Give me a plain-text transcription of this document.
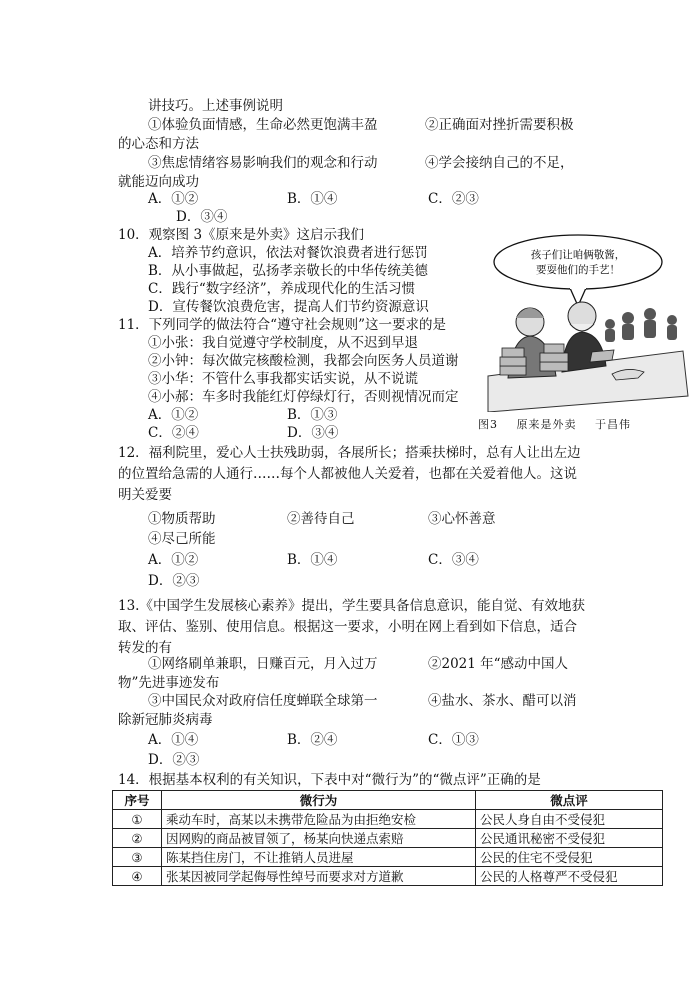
讲技巧。上述事例说明
①体验负面情感，生命必然更饱满丰盈	②正确面对挫折需要积极
的心态和方法
③焦虑情绪容易影响我们的观念和行动	④学会接纳自己的不足，
就能迈向成功
A．①②	B．①④	C．②③
D．③④
10．观察图 3《原来是外卖》这启示我们
A．培养节约意识，依法对餐饮浪费者进行惩罚
B．从小事做起，弘扬孝亲敬长的中华传统美德
C．践行“数字经济”，养成现代化的生活习惯
D．宣传餐饮浪费危害，提高人们节约资源意识
11．下列同学的做法符合“遵守社会规则”这一要求的是
①小张：我自觉遵守学校制度，从不迟到早退
②小钟：每次做完核酸检测，我都会向医务人员道谢
③小华：不管什么事我都实话实说，从不说谎
④小郝：车多时我能红灯停绿灯行，否则视情况而定
A．①②	B．①③
C．②④	D．③④
孩子们让咱俩敬酱，
要耍他们的手艺！
图3 原来是外卖 于昌伟
12．福利院里，爱心人士扶残助弱，各展所长；搭乘扶梯时，总有人让出左边的位置给急需的人通行……每个人都被他人关爱着，也都在关爱着他人。这说明关爱要
①物质帮助	②善待自己	③心怀善意
④尽己所能
A．①②	B．①④	C．③④
D．②③
13.《中国学生发展核心素养》提出，学生要具备信息意识，能自觉、有效地获取、评估、鉴别、使用信息。根据这一要求，小明在网上看到如下信息，适合转发的有
①网络刷单兼职，日赚百元，月入过万	②2021 年“感动中国人
物”先进事迹发布
③中国民众对政府信任度蝉联全球第一	④盐水、茶水、醋可以消
除新冠肺炎病毒
A．①④	B．②④	C．①③
D．②③
14．根据基本权利的有关知识，下表中对“微行为”的“微点评”正确的是
序号	微行为	微点评
①	乘动车时，高某以未携带危险品为由拒绝安检	公民人身自由不受侵犯
②	因网购的商品被冒领了，杨某向快递点索赔	公民通讯秘密不受侵犯
③	陈某挡住房门，不让推销人员进屋	公民的住宅不受侵犯
④	张某因被同学起侮辱性绰号而要求对方道歉	公民的人格尊严不受侵犯
